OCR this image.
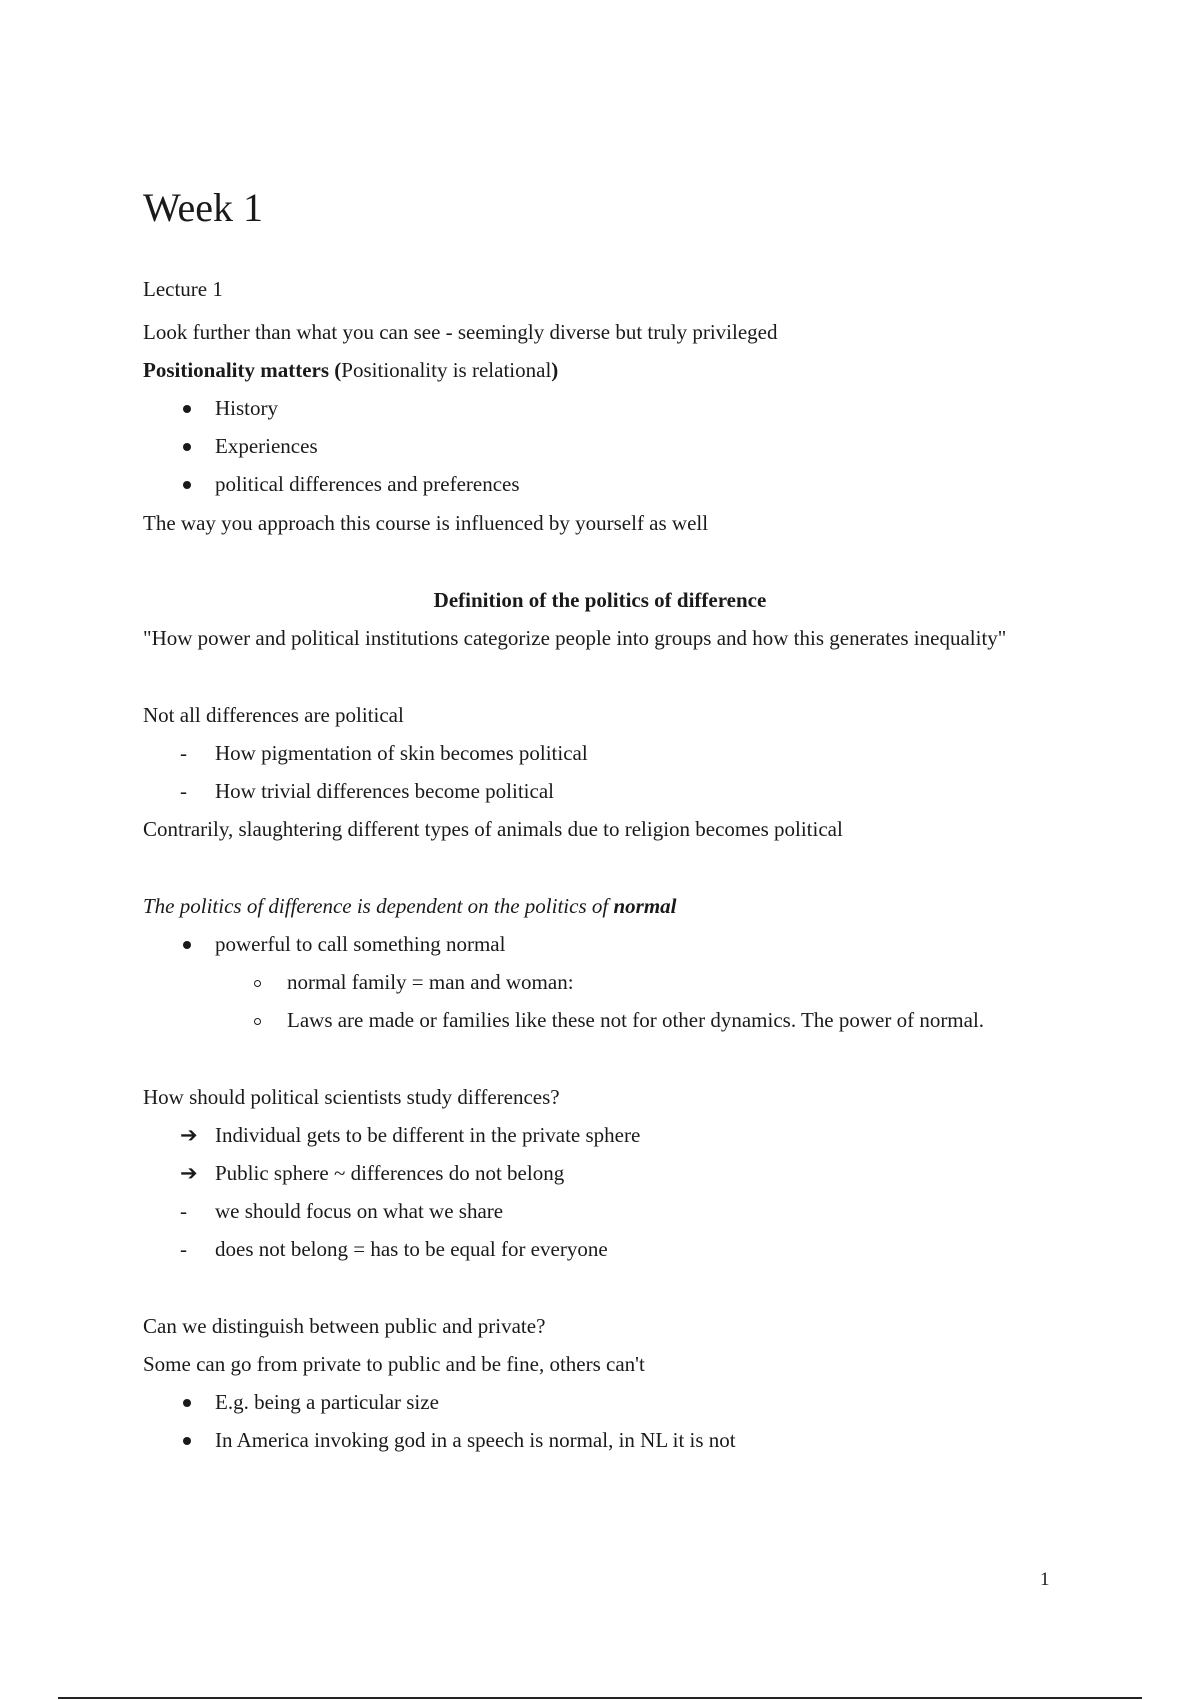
Week 1
Lecture 1
Look further than what you can see - seemingly diverse but truly privileged
Positionality matters (Positionality is relational)
History
Experiences
political differences and preferences
The way you approach this course is influenced by yourself as well
Definition of the politics of difference
"How power and political institutions categorize people into groups and how this generates inequality"
Not all differences are political
- How pigmentation of skin becomes political
- How trivial differences become political
Contrarily, slaughtering different types of animals due to religion becomes political
The politics of difference is dependent on the politics of normal
powerful to call something normal
normal family = man and woman:
Laws are made or families like these not for other dynamics. The power of normal.
How should political scientists study differences?
➔ Individual gets to be different in the private sphere
➔ Public sphere ~ differences do not belong
- we should focus on what we share
- does not belong = has to be equal for everyone
Can we distinguish between public and private?
Some can go from private to public and be fine, others can't
E.g. being a particular size
In America invoking god in a speech is normal, in NL it is not
1
